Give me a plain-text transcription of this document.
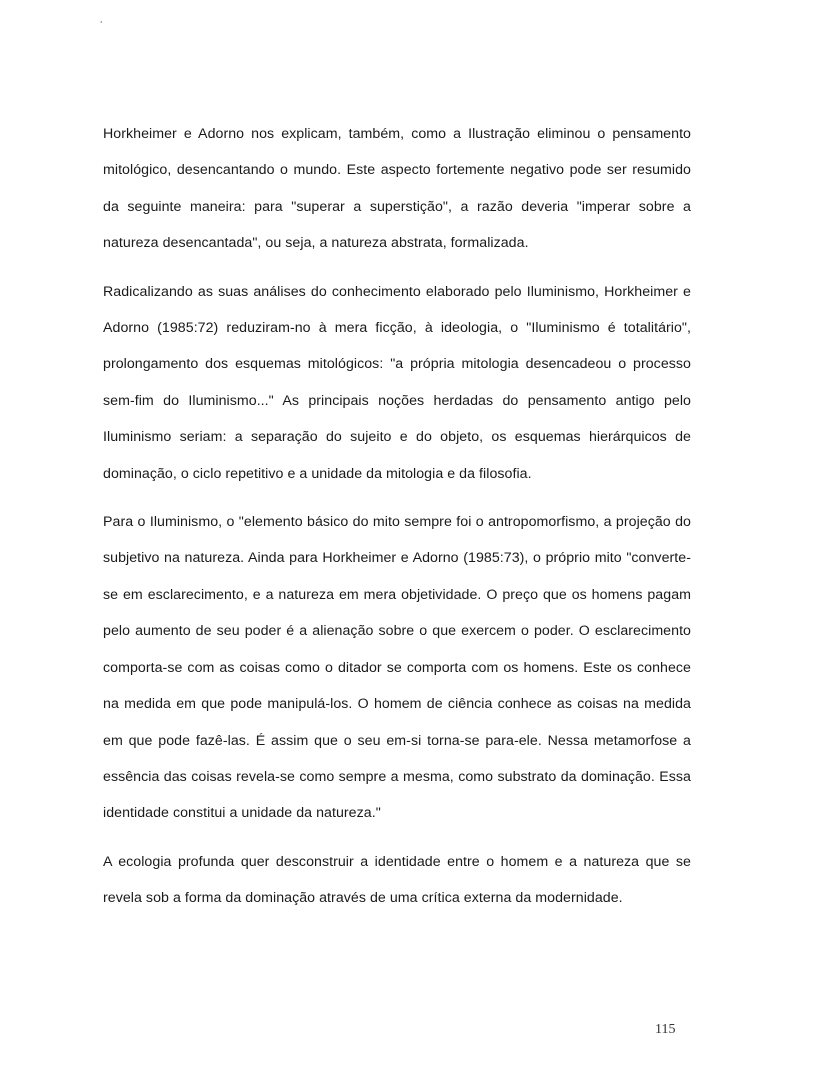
¸

Horkheimer e Adorno nos explicam, também, como a Ilustração eliminou o pensamento mitológico, desencantando o mundo. Este aspecto fortemente negativo pode ser resumido da seguinte maneira: para "superar a superstição", a razão deveria "imperar sobre a natureza desencantada", ou seja, a natureza abstrata, formalizada.

Radicalizando as suas análises do conhecimento elaborado pelo Iluminismo, Horkheimer e Adorno (1985:72) reduziram-no à mera ficção, à ideologia, o "Iluminismo é totalitário", prolongamento dos esquemas mitológicos: "a própria mitologia desencadeou o processo sem-fim do Iluminismo..." As principais noções herdadas do pensamento antigo pelo Iluminismo seriam: a separação do sujeito e do objeto, os esquemas hierárquicos de dominação, o ciclo repetitivo e a unidade da mitologia e da filosofia.

Para o Iluminismo, o "elemento básico do mito sempre foi o antropomorfismo, a projeção do subjetivo na natureza. Ainda para Horkheimer e Adorno (1985:73), o próprio mito "converte-se em esclarecimento, e a natureza em mera objetividade. O preço que os homens pagam pelo aumento de seu poder é a alienação sobre o que exercem o poder. O esclarecimento comporta-se com as coisas como o ditador se comporta com os homens. Este os conhece na medida em que pode manipulá-los. O homem de ciência conhece as coisas na medida em que pode fazê-las. É assim que o seu em-si torna-se para-ele. Nessa metamorfose a essência das coisas revela-se como sempre a mesma, como substrato da dominação. Essa identidade constitui a unidade da natureza."

A ecologia profunda quer desconstruir a identidade entre o homem e a natureza que se revela sob a forma da dominação através de uma crítica externa da modernidade.

115
